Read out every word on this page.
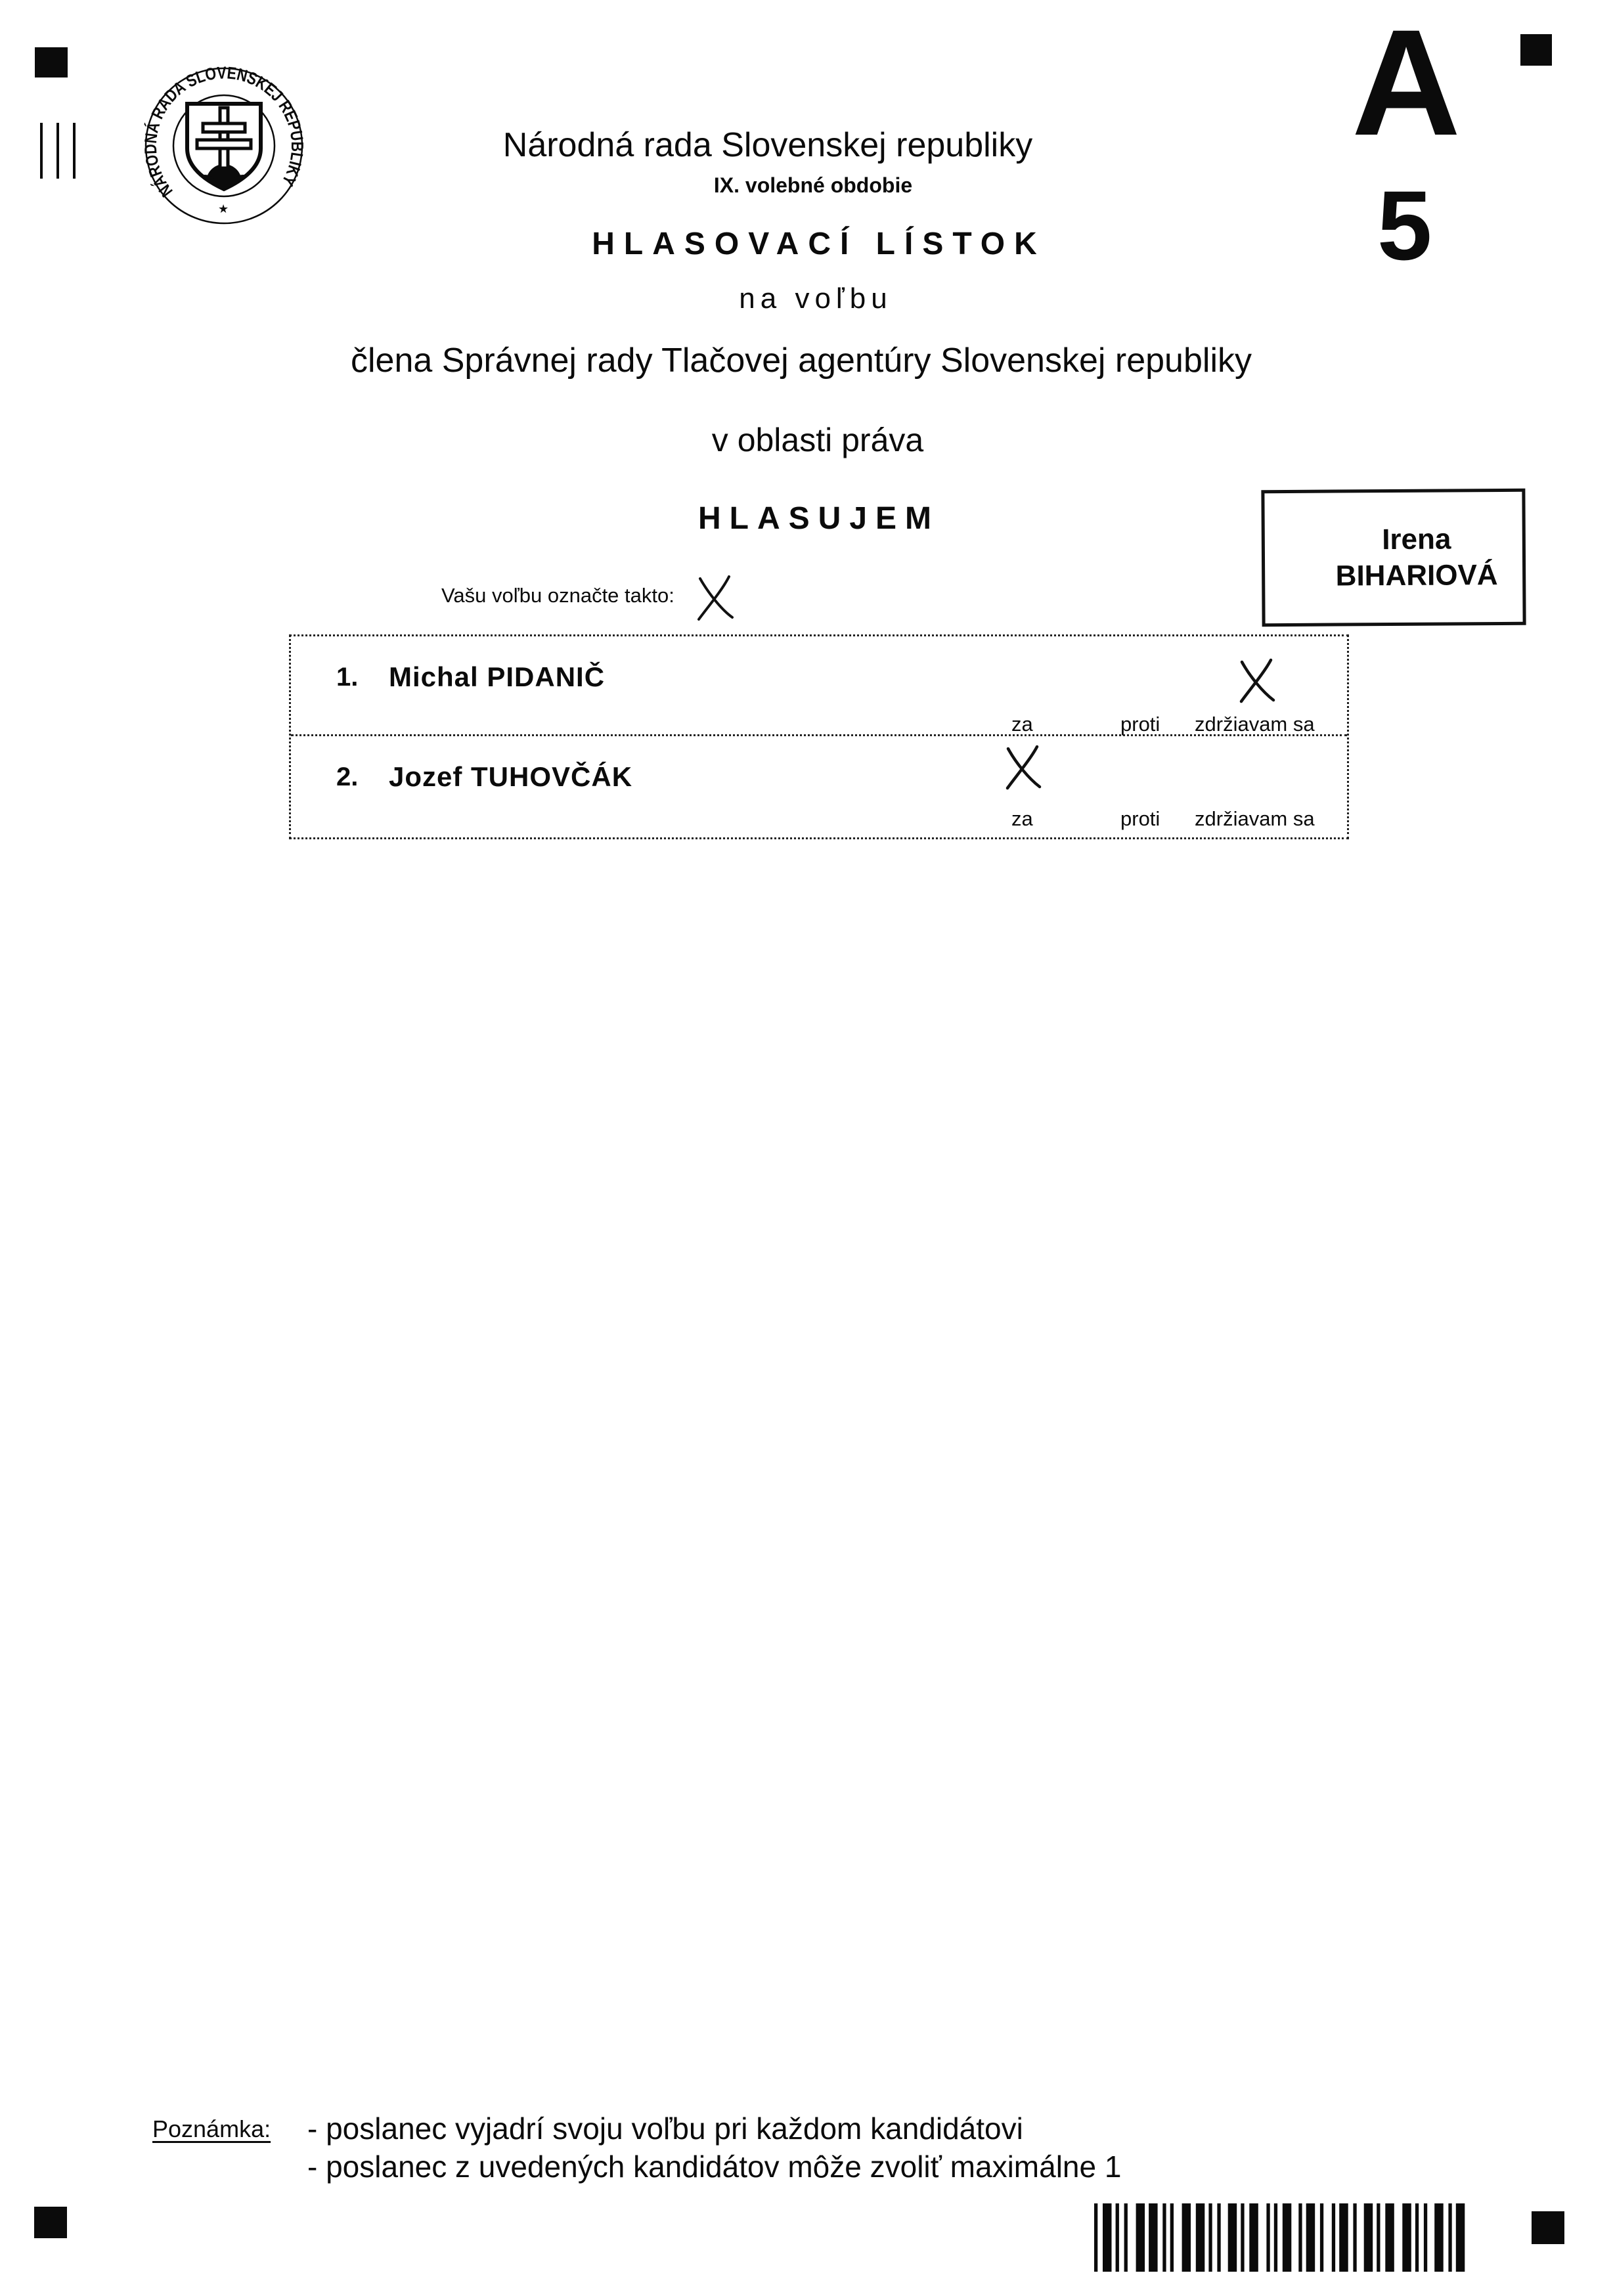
NÁRODNÁ RADA SLOVENSKEJ REPUBLIKY
★
Národná rada Slovenskej republiky
IX. volebné obdobie
HLASOVACÍ LÍSTOK
na voľbu
člena Správnej rady Tlačovej agentúry Slovenskej republiky
v oblasti práva
HLASUJEM
Vašu voľbu označte takto:
A
5
Irena
BIHARIOVÁ
1. Michal PIDANIČ
za	proti zdržiavam sa
2. Jozef TUHOVČÁK
za	proti zdržiavam sa
Poznámka: - poslanec vyjadrí svoju voľbu pri každom kandidátovi
- poslanec z uvedených kandidátov môže zvoliť maximálne 1
